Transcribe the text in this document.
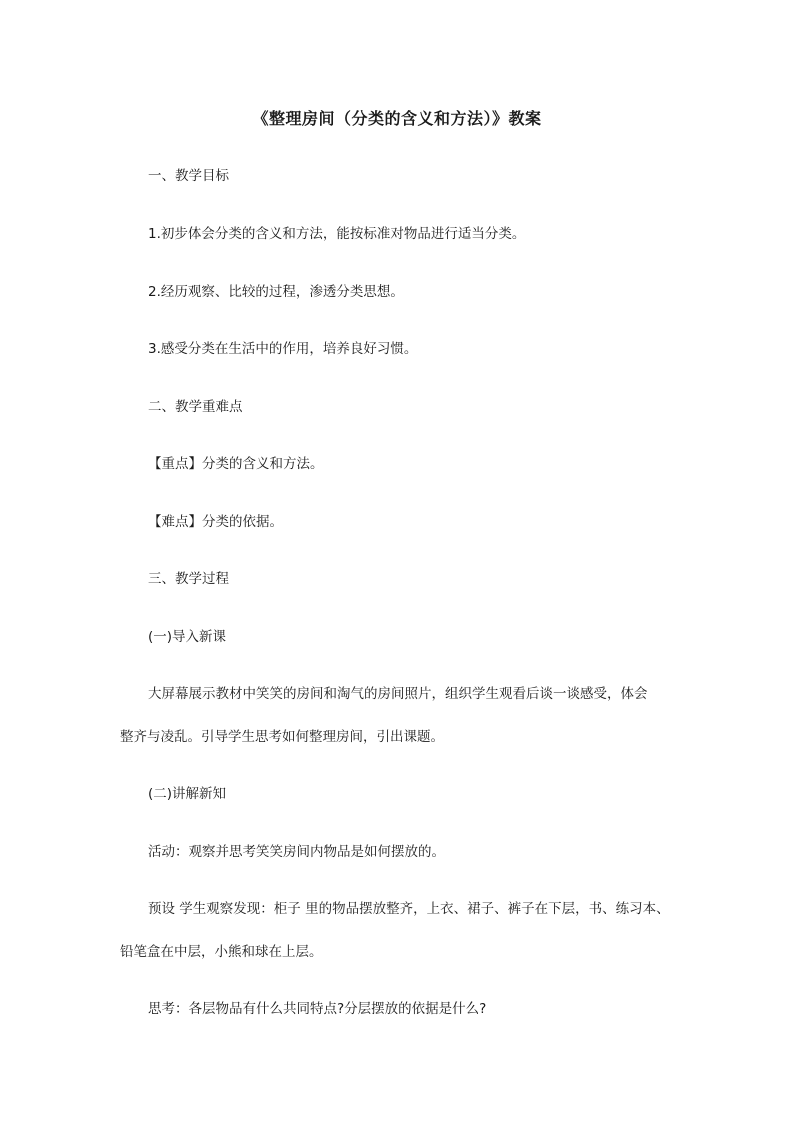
《整理房间（分类的含义和方法）》教案
一、教学目标
1.初步体会分类的含义和方法，能按标准对物品进行适当分类。
2.经历观察、比较的过程，渗透分类思想。
3.感受分类在生活中的作用，培养良好习惯。
二、教学重难点
【重点】分类的含义和方法。
【难点】分类的依据。
三、教学过程
(一)导入新课
大屏幕展示教材中笑笑的房间和淘气的房间照片，组织学生观看后谈一谈感受，体会
整齐与凌乱。引导学生思考如何整理房间，引出课题。
(二)讲解新知
活动：观察并思考笑笑房间内物品是如何摆放的。
预设 学生观察发现：柜子 里的物品摆放整齐，上衣、裙子、裤子在下层，书、练习本、
铅笔盒在中层，小熊和球在上层。
思考：各层物品有什么共同特点?分层摆放的依据是什么?
